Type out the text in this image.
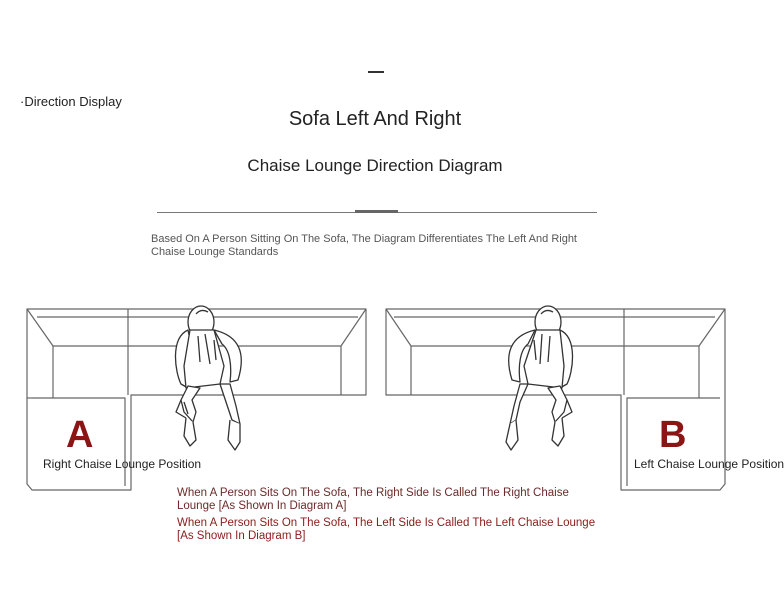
·Direction Display
Sofa Left And Right
Chaise Lounge Direction Diagram
Based On A Person Sitting On The Sofa, The Diagram Differentiates The Left And Right Chaise Lounge Standards
A	B
Right Chaise Lounge Position	Left Chaise Lounge Position
When A Person Sits On The Sofa, The Right Side Is Called The Right Chaise Lounge [As Shown In Diagram A]
When A Person Sits On The Sofa, The Left Side Is Called The Left Chaise Lounge [As Shown In Diagram B]
